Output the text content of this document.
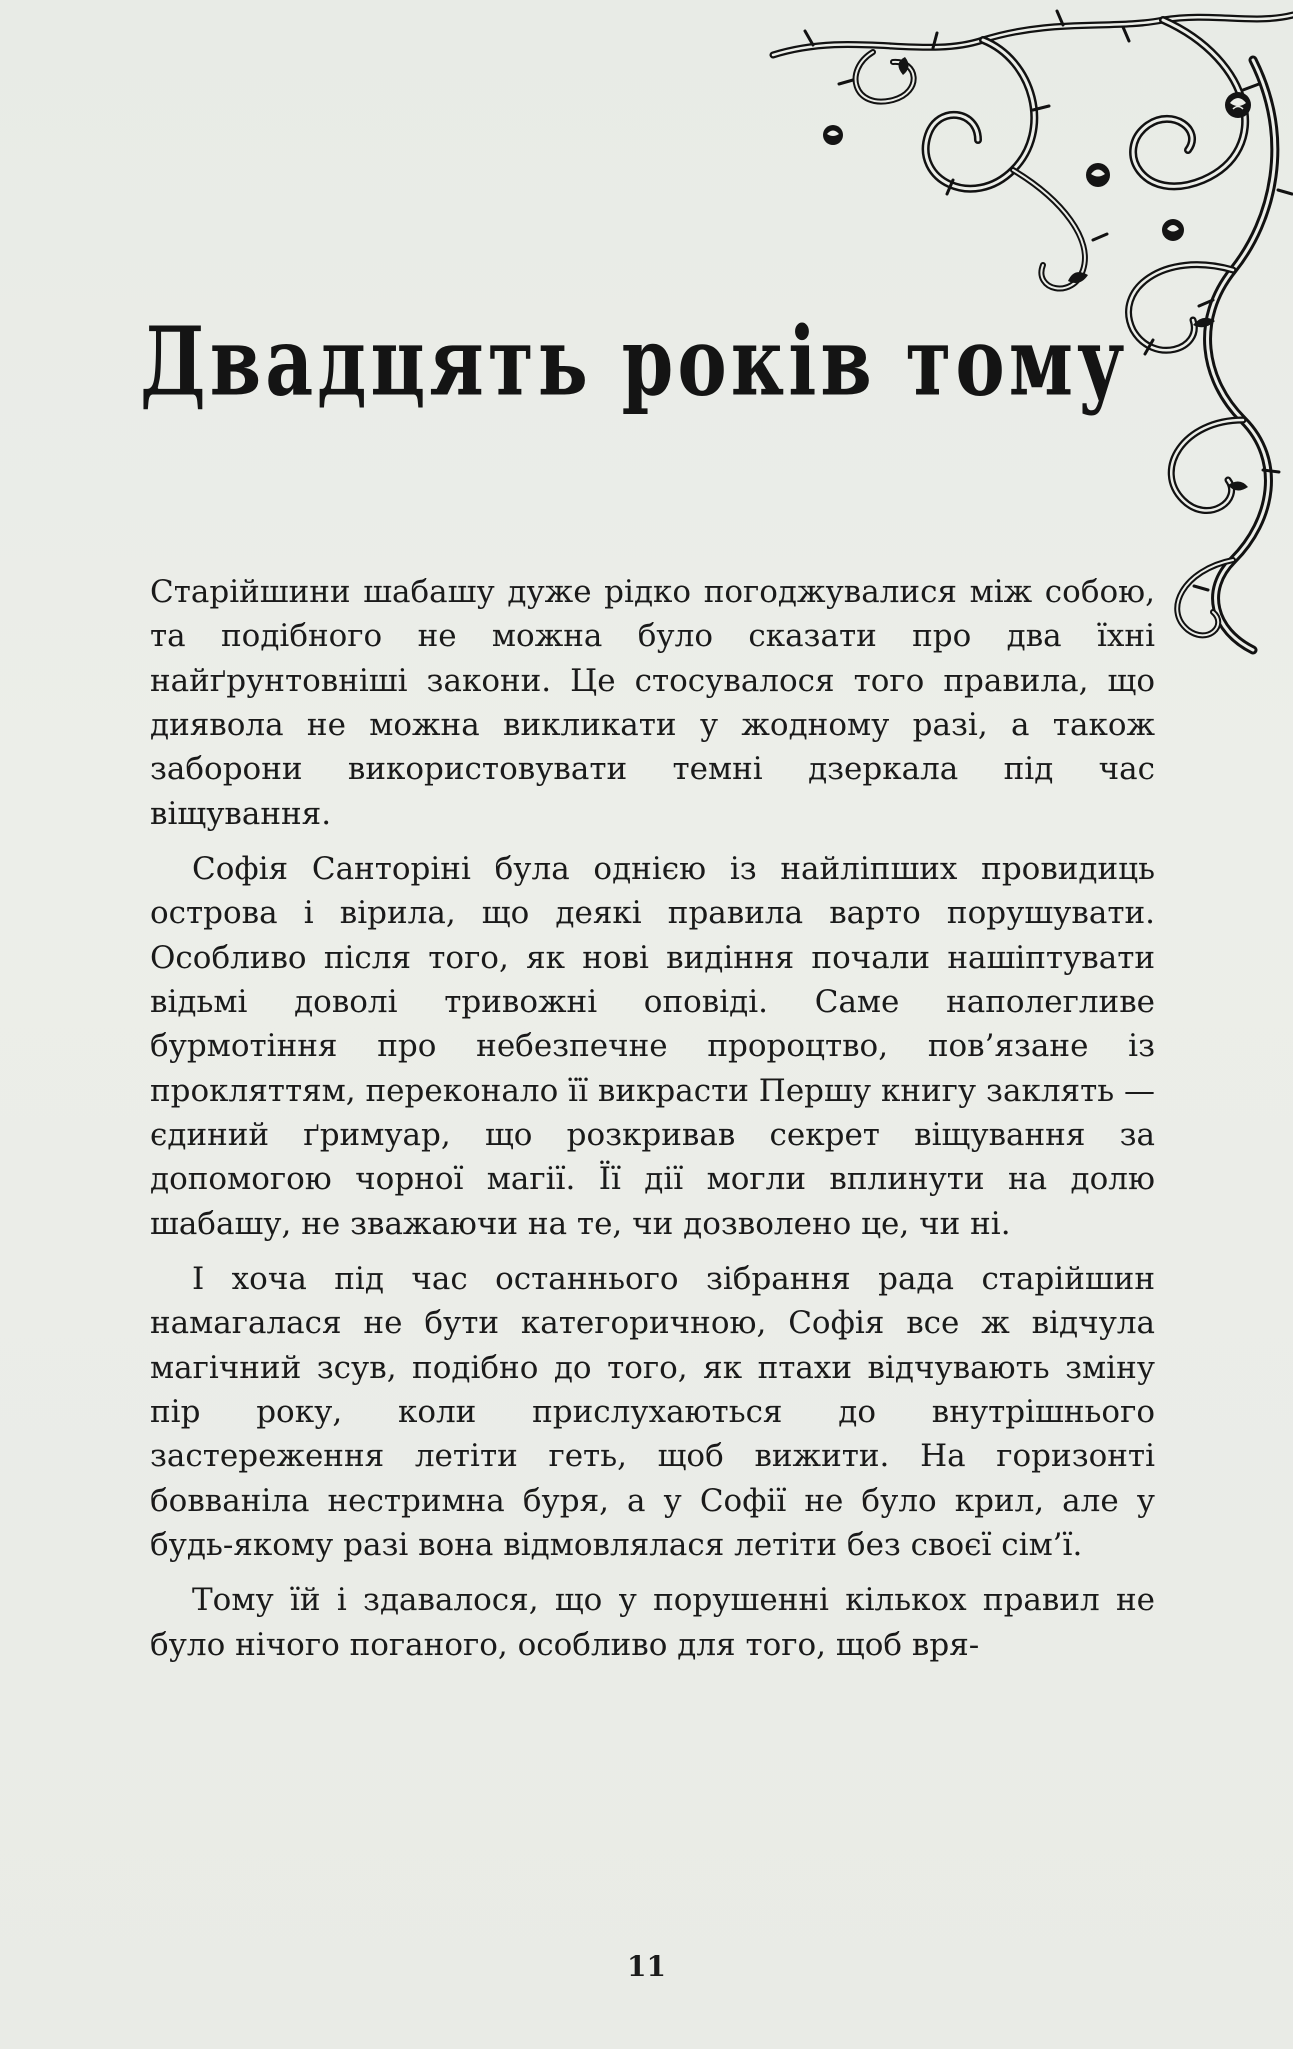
Двадцять років тому

Старійшини шабашу дуже рідко погоджувалися між собою, та подібного не можна було сказати про два їхні найґрунтовніші закони. Це стосувалося того правила, що диявола не можна викликати у жодному разі, а також заборони використовувати темні дзеркала під час віщування.

Софія Санторіні була однією із найліпших провидиць острова і вірила, що деякі правила варто порушувати. Особливо після того, як нові видіння почали нашіптувати відьмі доволі тривожні оповіді. Саме наполегливе бурмотіння про небезпечне пророцтво, пов’язане із прокляттям, переконало її викрасти Першу книгу заклять — єдиний ґримуар, що розкривав секрет віщування за допомогою чорної магії. Її дії могли вплинути на долю шабашу, не зважаючи на те, чи дозволено це, чи ні.

І хоча під час останнього зібрання рада старійшин намагалася не бути категоричною, Софія все ж відчула магічний зсув, подібно до того, як птахи відчувають зміну пір року, коли прислухаються до внутрішнього застереження летіти геть, щоб вижити. На горизонті бовваніла нестримна буря, а у Софії не було крил, але у будь-якому разі вона відмовлялася летіти без своєї сім’ї.

Тому їй і здавалося, що у порушенні кількох правил не було нічого поганого, особливо для того, щоб вря-

11
